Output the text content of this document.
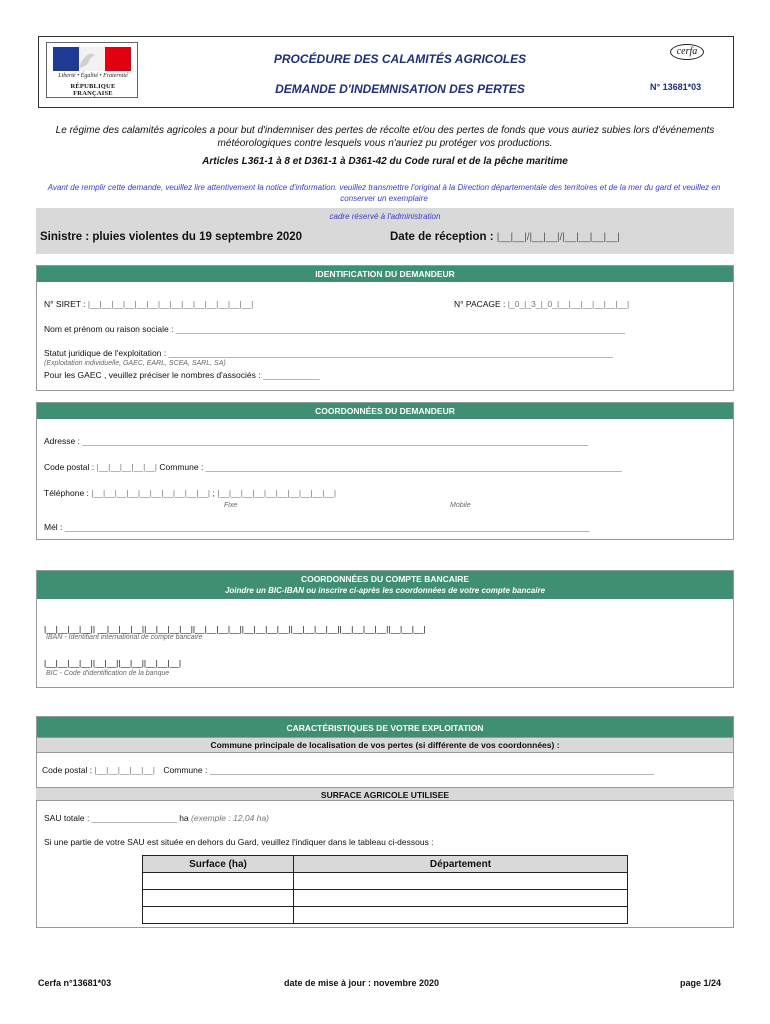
Liberté • Égalité • Fraternité
RÉPUBLIQUE FRANÇAISE
PROCÉDURE DES CALAMITÉS AGRICOLES
DEMANDE D'INDEMNISATION DES PERTES
cerfa
N° 13681*03
Le régime des calamités agricoles a pour but d'indemniser des pertes de récolte et/ou des pertes de fonds que vous auriez subies lors d'événements météorologiques contre lesquels vous n'auriez pu protéger vos productions.
Articles L361-1 à 8 et D361-1 à D361-42 du Code rural et de la pêche maritime
Avant de remplir cette demande, veuillez lire attentivement la notice d'information. veuillez transmettre l'original à la Direction départementale des territoires et de la mer du gard et veuillez en conserver un exemplaire
cadre réservé à l'administration
Sinistre : pluies violentes du 19 septembre 2020	Date de réception : |__|__|/|__|__|/|__|__|__|__|
IDENTIFICATION DU DEMANDEUR
N° SIRET : |__|__|__|__|__|__|__|__|__|__|__|__|__|__|	N° PACAGE : |_0_|_3_|_0_|__|__|__|__|__|__|
Nom et prénom ou raison sociale : _______________________________________________________________________________________________
Statut juridique de l'exploitation : ______________________________________________________________________________________________
(Exploitation individuelle, GAEC, EARL, SCEA, SARL, SA)
Pour les GAEC , veuillez préciser le nombres d'associés : ____________
COORDONNÉES DU DEMANDEUR
Adresse : ___________________________________________________________________________________________________________
Code postal : |__|__|__|__|__| Commune : ________________________________________________________________________________________
Téléphone : |__|__|__|__|__|__|__|__|__|__| ; |__|__|__|__|__|__|__|__|__|__|
Fixe	Mobile
Mél : _______________________________________________________________________________________________________________
COORDONNÉES DU COMPTE BANCAIRE
Joindre un BIC-IBAN ou inscrire ci-après les coordonnées de votre compte bancaire
|__|__|__|__|| __|__|__|__||__|__|__|__||__|__|__|__||__|__|__|__||__|__|__|__||__|__|__|__||__|__|__|
IBAN - Identifiant international de compte bancaire
|__|__|__|__||__|__||__|__||__|__|__|
BIC - Code d'identification de la banque
CARACTÉRISTIQUES DE VOTRE EXPLOITATION
Commune principale de localisation de vos pertes (si différente de vos coordonnées) :
Code postal : |__|__|__|__|__| Commune : ______________________________________________________________________________________________
SURFACE AGRICOLE UTILISEE
SAU totale : __________________ ha (exemple : 12,04 ha)
Si une partie de votre SAU est située en dehors du Gard, veuillez l'indiquer dans le tableau ci-dessous :
Surface (ha)	Département

Cerfa n°13681*03	date de mise à jour : novembre 2020	page 1/24
